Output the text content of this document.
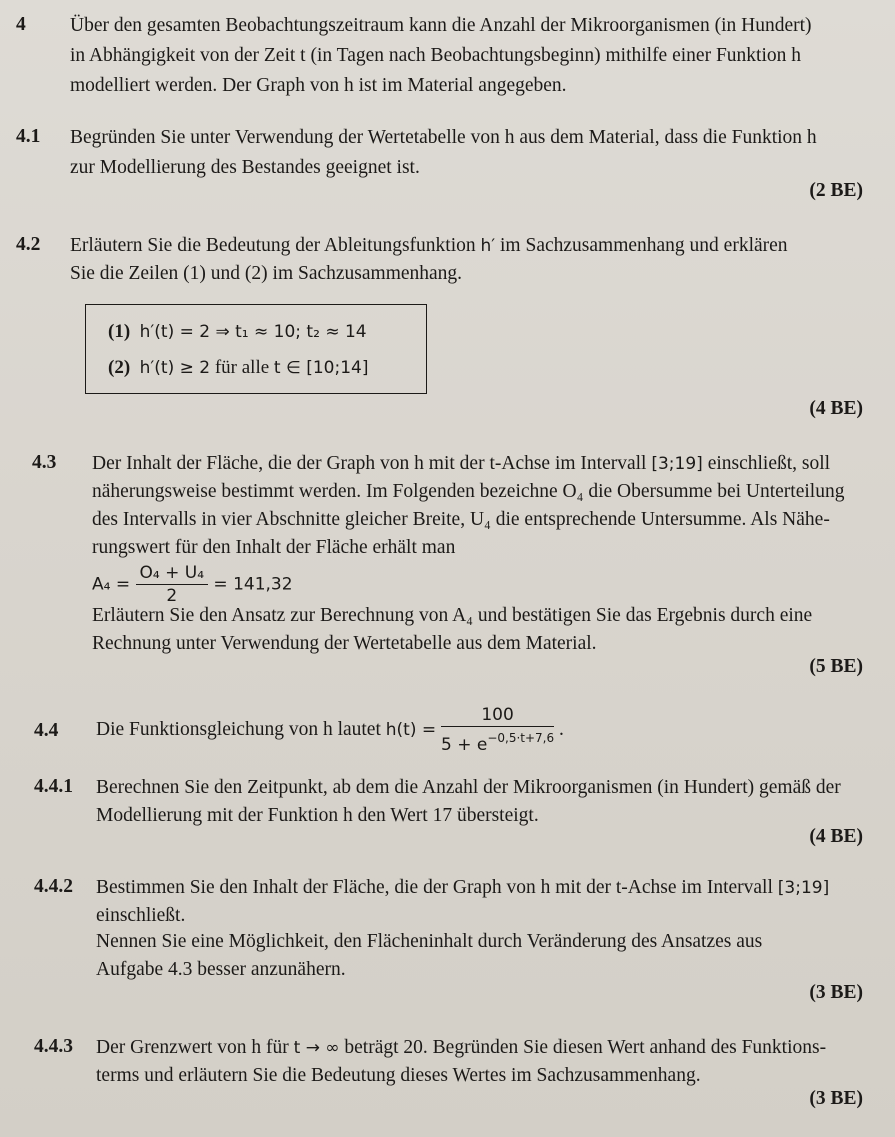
4 Über den gesamten Beobachtungszeitraum kann die Anzahl der Mikroorganismen (in Hundert)
in Abhängigkeit von der Zeit t (in Tagen nach Beobachtungsbeginn) mithilfe einer Funktion h
modelliert werden. Der Graph von h ist im Material angegeben.
4.1 Begründen Sie unter Verwendung der Wertetabelle von h aus dem Material, dass die Funktion h
zur Modellierung des Bestandes geeignet ist.
(2 BE)
4.2 Erläutern Sie die Bedeutung der Ableitungsfunktion h′ im Sachzusammenhang und erklären
Sie die Zeilen (1) und (2) im Sachzusammenhang.
(1) h′(t) = 2 ⇒ t₁ ≈ 10; t₂ ≈ 14
(2) h′(t) ≥ 2 für alle t ∈ [10;14]
(4 BE)
4.3 Der Inhalt der Fläche, die der Graph von h mit der t-Achse im Intervall [3;19] einschließt, soll
näherungsweise bestimmt werden. Im Folgenden bezeichne O₄ die Obersumme bei Unterteilung
des Intervalls in vier Abschnitte gleicher Breite, U₄ die entsprechende Untersumme. Als Nähe-
rungswert für den Inhalt der Fläche erhält man
$A_4 = \frac{\text{O₄ + U₄}}{2} = 141,32$
Erläutern Sie den Ansatz zur Berechnung von A₄ und bestätigen Sie das Ergebnis durch eine
Rechnung unter Verwendung der Wertetabelle aus dem Material.
(5 BE)
4.4 Die Funktionsgleichung von h lautet $h(t) = \frac{100}{5 + e^{-0,5\cdot t+7,6}}$ .
4.4.1 Berechnen Sie den Zeitpunkt, ab dem die Anzahl der Mikroorganismen (in Hundert) gemäß der
Modellierung mit der Funktion h den Wert 17 übersteigt.
(4 BE)
4.4.2 Bestimmen Sie den Inhalt der Fläche, die der Graph von h mit der t-Achse im Intervall [3;19]
einschließt.
Nennen Sie eine Möglichkeit, den Flächeninhalt durch Veränderung des Ansatzes aus
Aufgabe 4.3 besser anzunähern.
(3 BE)
4.4.3 Der Grenzwert von h für t → ∞ beträgt 20. Begründen Sie diesen Wert anhand des Funktions-
terms und erläutern Sie die Bedeutung dieses Wertes im Sachzusammenhang.
(3 BE)
